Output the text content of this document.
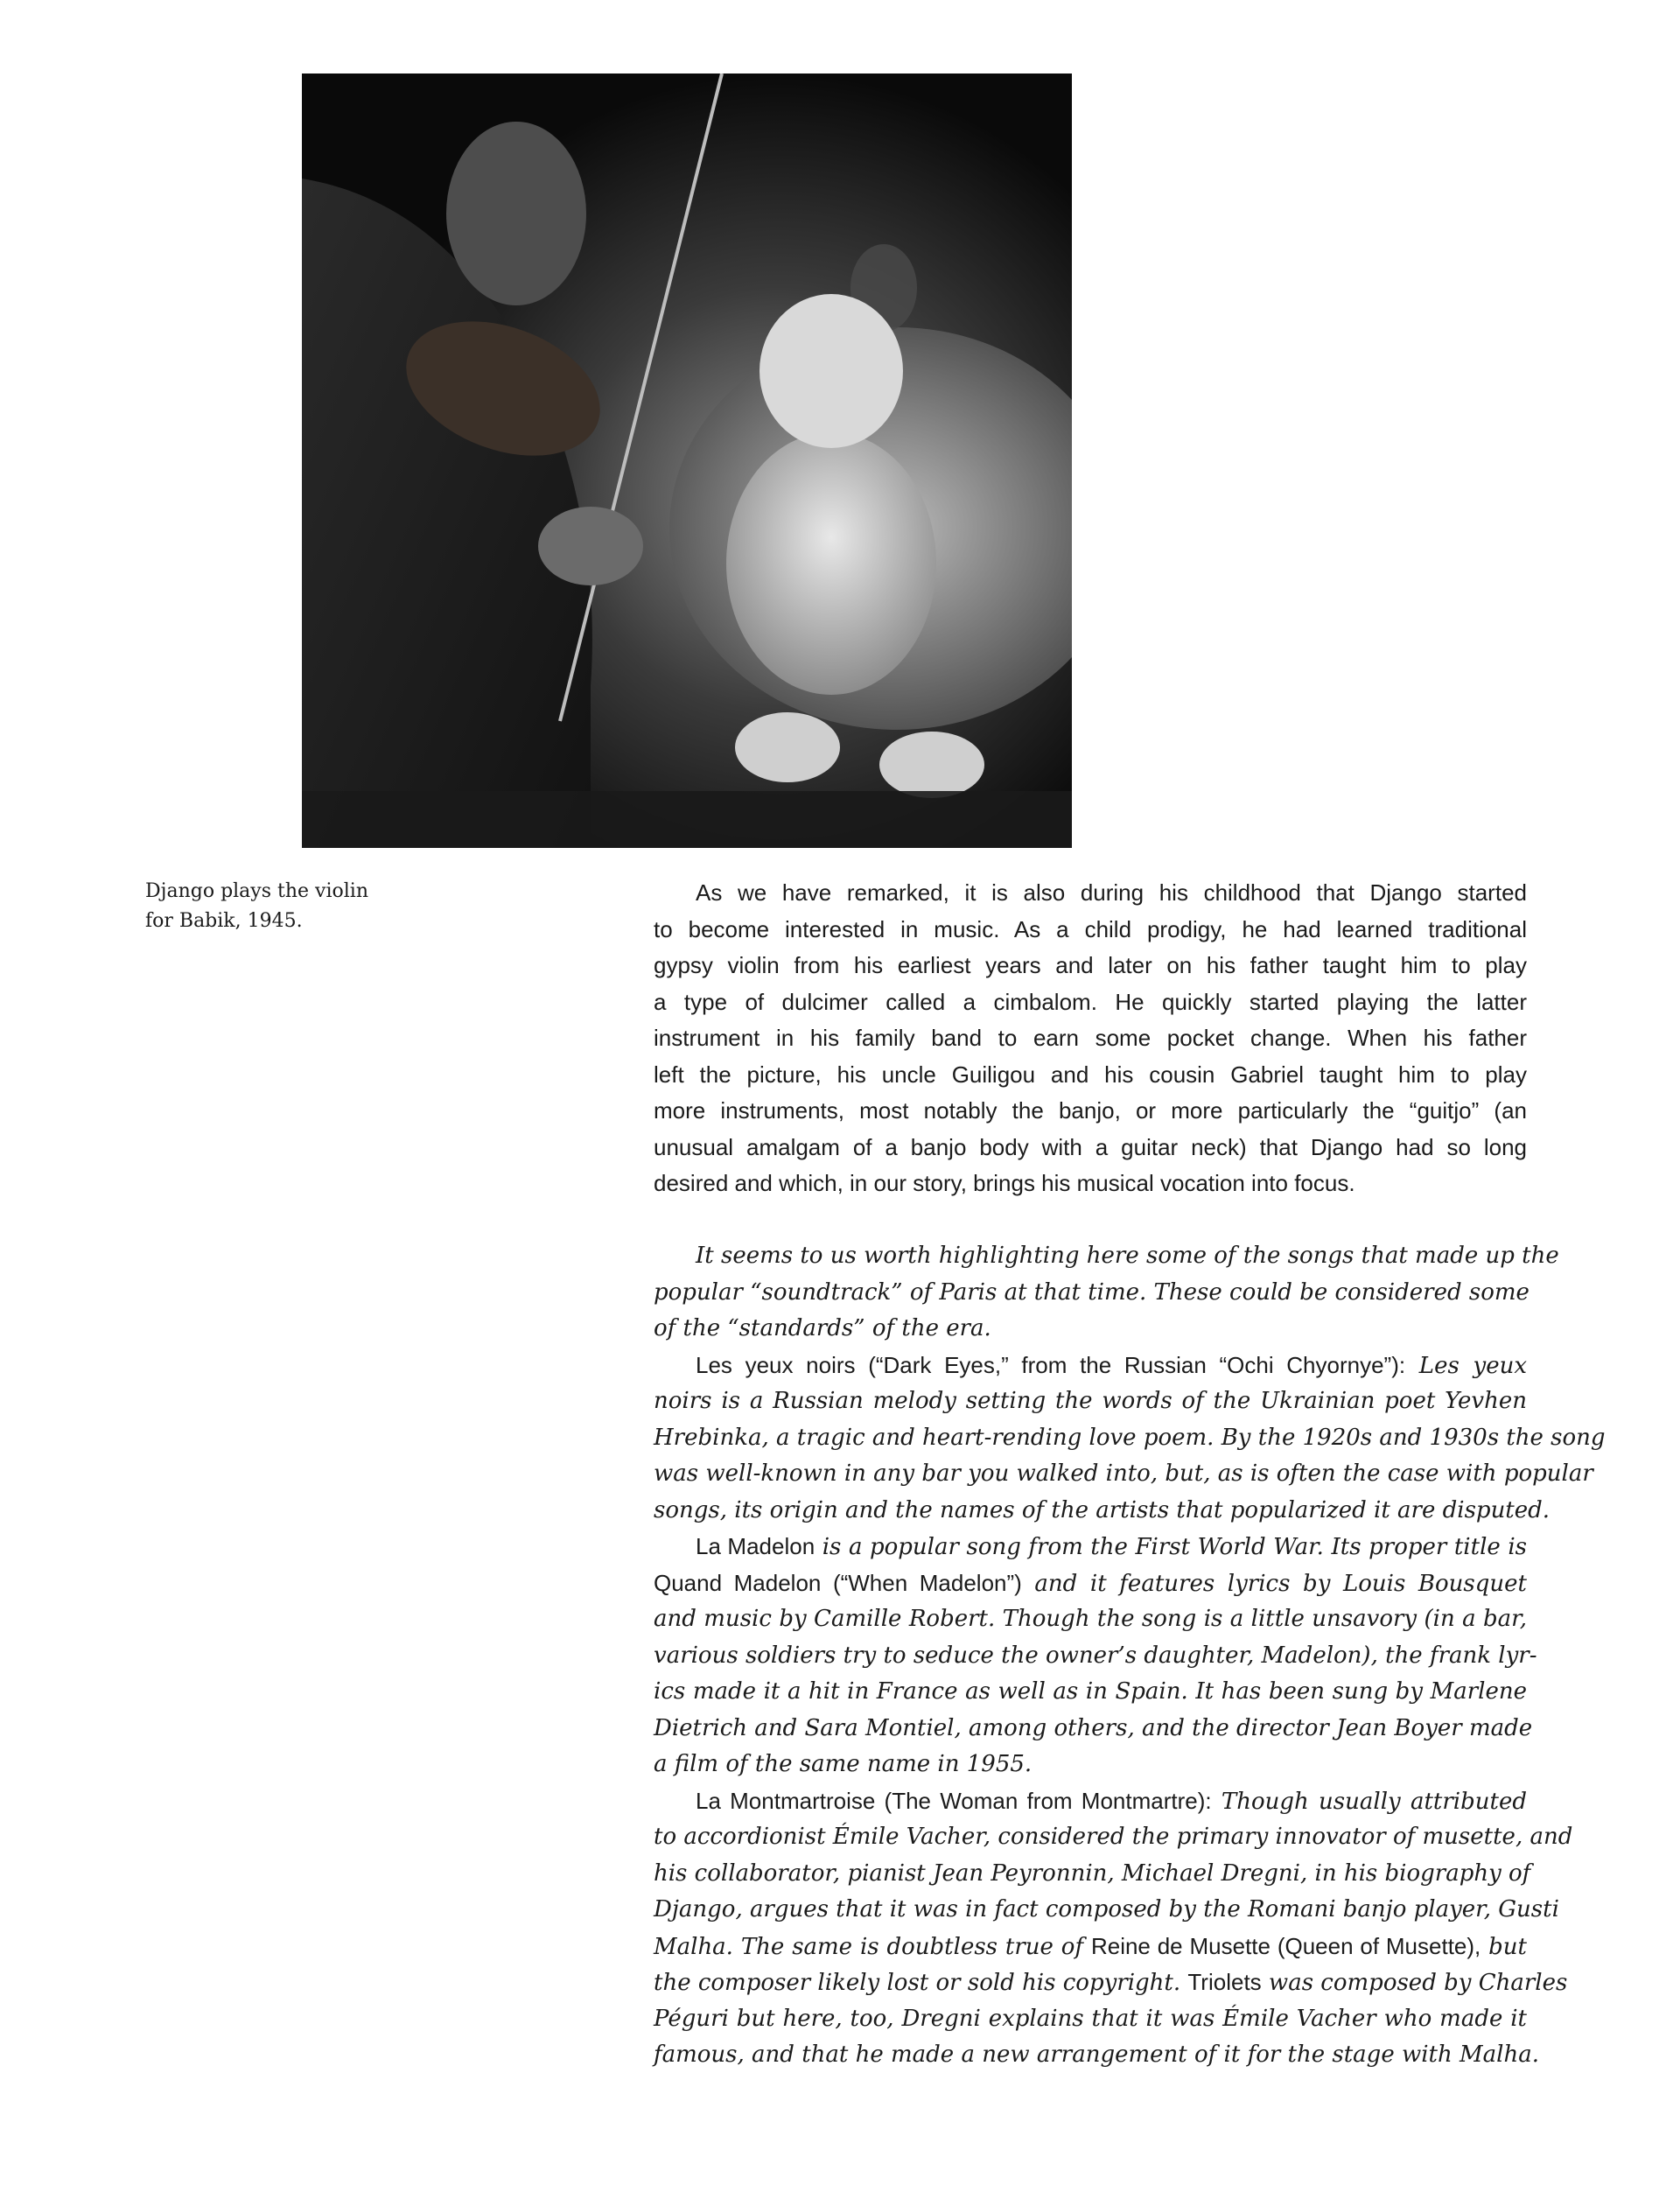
Django plays the violin
for Babik, 1945.
As we have remarked, it is also during his childhood that Django started
to become interested in music. As a child prodigy, he had learned traditional
gypsy violin from his earliest years and later on his father taught him to play
a type of dulcimer called a cimbalom. He quickly started playing the latter
instrument in his family band to earn some pocket change. When his father
left the picture, his uncle Guiligou and his cousin Gabriel taught him to play
more instruments, most notably the banjo, or more particularly the “guitjo” (an
unusual amalgam of a banjo body with a guitar neck) that Django had so long
desired and which, in our story, brings his musical vocation into focus.
It seems to us worth highlighting here some of the songs that made up the
popular “soundtrack” of Paris at that time. These could be considered some
of the “standards” of the era.
Les yeux noirs (“Dark Eyes,” from the Russian “Ochi Chyornye”): Les yeux
noirs is a Russian melody setting the words of the Ukrainian poet Yevhen
Hrebinka, a tragic and heart-rending love poem. By the 1920s and 1930s the song
was well-known in any bar you walked into, but, as is often the case with popular
songs, its origin and the names of the artists that popularized it are disputed.
La Madelon is a popular song from the First World War. Its proper title is
Quand Madelon (“When Madelon”) and it features lyrics by Louis Bousquet
and music by Camille Robert. Though the song is a little unsavory (in a bar,
various soldiers try to seduce the owner’s daughter, Madelon), the frank lyr-
ics made it a hit in France as well as in Spain. It has been sung by Marlene
Dietrich and Sara Montiel, among others, and the director Jean Boyer made
a film of the same name in 1955.
La Montmartroise (The Woman from Montmartre): Though usually attributed
to accordionist Émile Vacher, considered the primary innovator of musette, and
his collaborator, pianist Jean Peyronnin, Michael Dregni, in his biography of
Django, argues that it was in fact composed by the Romani banjo player, Gusti
Malha. The same is doubtless true of Reine de Musette (Queen of Musette), but
the composer likely lost or sold his copyright. Triolets was composed by Charles
Péguri but here, too, Dregni explains that it was Émile Vacher who made it
famous, and that he made a new arrangement of it for the stage with Malha.
